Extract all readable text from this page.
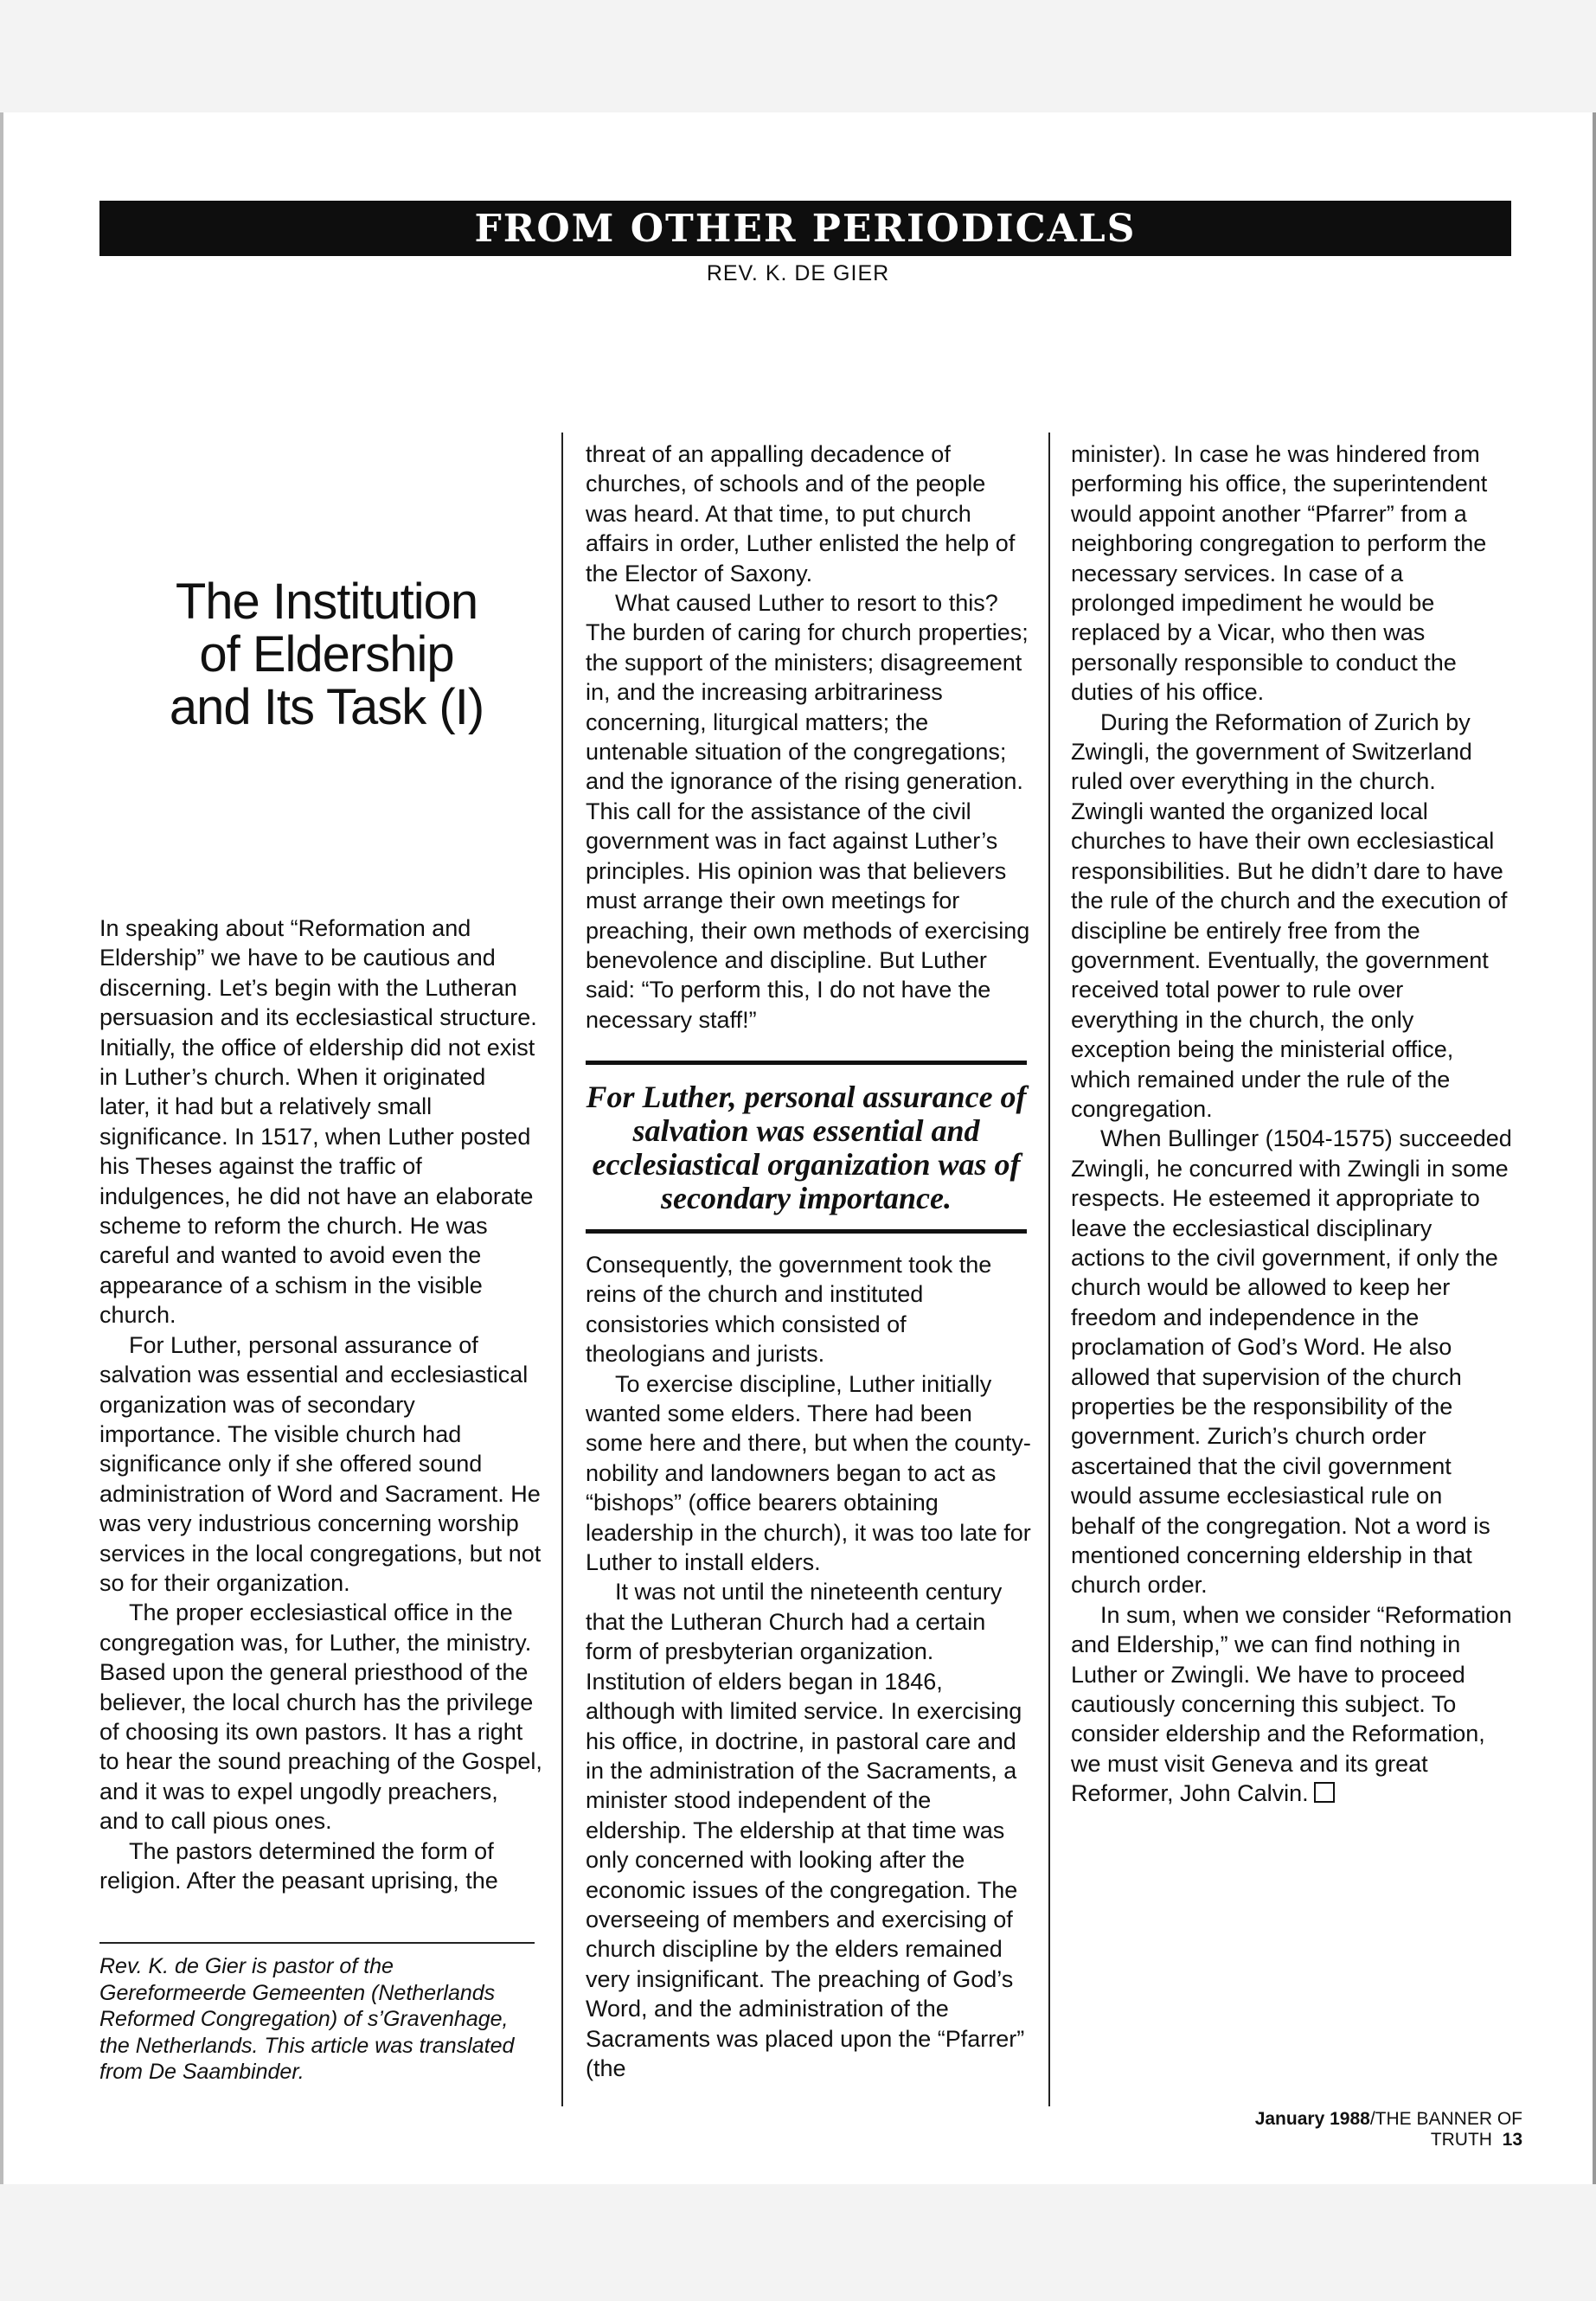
FROM OTHER PERIODICALS

REV. K. DE GIER

The Institution
of Eldership
and Its Task (I)

In speaking about “Reformation and Eldership” we have to be cautious and discerning. Let’s begin with the Lutheran persuasion and its ecclesiastical structure. Initially, the office of eldership did not exist in Luther’s church. When it originated later, it had but a relatively small significance. In 1517, when Luther posted his Theses against the traffic of indulgences, he did not have an elaborate scheme to reform the church. He was careful and wanted to avoid even the appearance of a schism in the visible church.

For Luther, personal assurance of salvation was essential and ecclesiastical organization was of secondary importance. The visible church had significance only if she offered sound administration of Word and Sacrament. He was very industrious concerning worship services in the local congregations, but not so for their organization.

The proper ecclesiastical office in the congregation was, for Luther, the ministry. Based upon the general priesthood of the believer, the local church has the privilege of choosing its own pastors. It has a right to hear the sound preaching of the Gospel, and it was to expel ungodly preachers, and to call pious ones.

The pastors determined the form of religion. After the peasant uprising, the

threat of an appalling decadence of churches, of schools and of the people was heard. At that time, to put church affairs in order, Luther enlisted the help of the Elector of Saxony.

What caused Luther to resort to this? The burden of caring for church properties; the support of the ministers; disagreement in, and the increasing arbitrariness concerning, liturgical matters; the untenable situation of the congregations; and the ignorance of the rising generation. This call for the assistance of the civil government was in fact against Luther’s principles. His opinion was that believers must arrange their own meetings for preaching, their own methods of exercising benevolence and discipline. But Luther said: “To perform this, I do not have the necessary staff!”

For Luther, personal assurance of salvation was essential and ecclesiastical organization was of secondary importance.

Consequently, the government took the reins of the church and instituted consistories which consisted of theologians and jurists.

To exercise discipline, Luther initially wanted some elders. There had been some here and there, but when the county-nobility and landowners began to act as “bishops” (office bearers obtaining leadership in the church), it was too late for Luther to install elders.

It was not until the nineteenth century that the Lutheran Church had a certain form of presbyterian organization. Institution of elders began in 1846, although with limited service. In exercising his office, in doctrine, in pastoral care and in the administration of the Sacraments, a minister stood independent of the eldership. The eldership at that time was only concerned with looking after the economic issues of the congregation. The overseeing of members and exercising of church discipline by the elders remained very insignificant. The preaching of God’s Word, and the administration of the Sacraments was placed upon the “Pfarrer” (the

minister). In case he was hindered from performing his office, the superintendent would appoint another “Pfarrer” from a neighboring congregation to perform the necessary services. In case of a prolonged impediment he would be replaced by a Vicar, who then was personally responsible to conduct the duties of his office.

During the Reformation of Zurich by Zwingli, the government of Switzerland ruled over everything in the church. Zwingli wanted the organized local churches to have their own ecclesiastical responsibilities. But he didn’t dare to have the rule of the church and the execution of discipline be entirely free from the government. Eventually, the government received total power to rule over everything in the church, the only exception being the ministerial office, which remained under the rule of the congregation.

When Bullinger (1504-1575) succeeded Zwingli, he concurred with Zwingli in some respects. He esteemed it appropriate to leave the ecclesiastical disciplinary actions to the civil government, if only the church would be allowed to keep her freedom and independence in the proclamation of God’s Word. He also allowed that supervision of the church properties be the responsibility of the government. Zurich’s church order ascertained that the civil government would assume ecclesiastical rule on behalf of the congregation. Not a word is mentioned concerning eldership in that church order.

In sum, when we consider “Reformation and Eldership,” we can find nothing in Luther or Zwingli. We have to proceed cautiously concerning this subject. To consider eldership and the Reformation, we must visit Geneva and its great Reformer, John Calvin.

Rev. K. de Gier is pastor of the Gereformeerde Gemeenten (Netherlands Reformed Congregation) of s’Gravenhage, the Netherlands. This article was translated from De Saambinder.

January 1988/THE BANNER OF TRUTH 13
